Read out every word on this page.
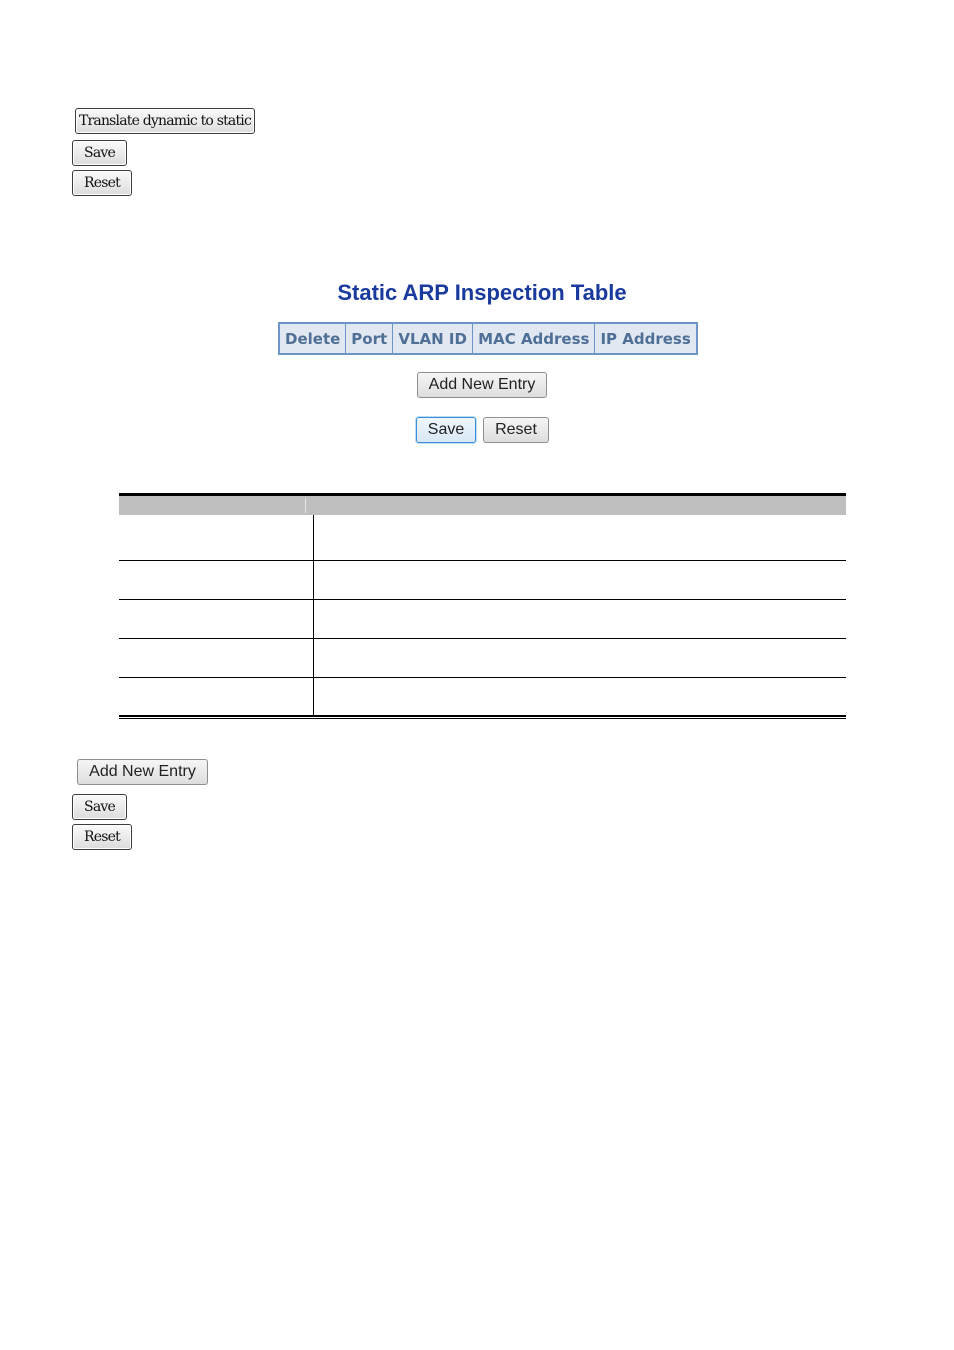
Translate dynamic to static
Save
Reset
Static ARP Inspection Table
Delete	Port	VLAN ID	MAC Address	IP Address
Add New Entry
Save	Reset
Add New Entry
Save
Reset
